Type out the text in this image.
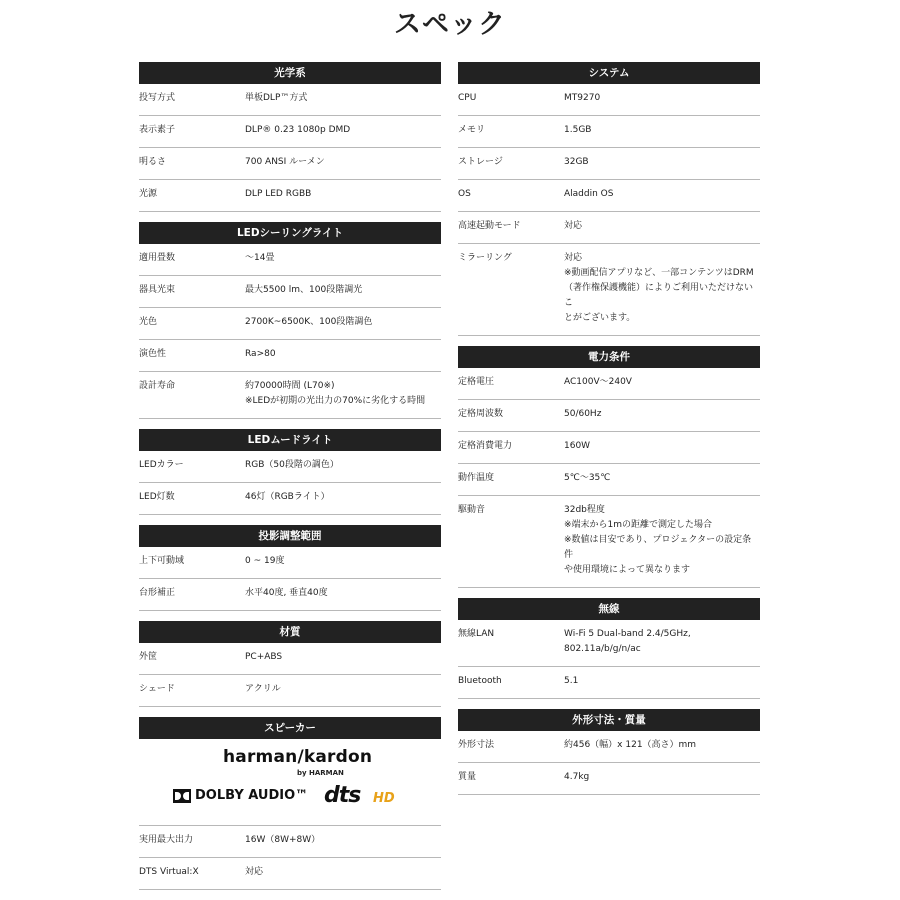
スペック
光学系
投写方式	単板DLP™方式
表示素子	DLP® 0.23 1080p DMD
明るさ	700 ANSI ルーメン
光源	DLP LED RGBB
LEDシーリングライト
適用畳数	〜14畳
器具光束	最大5500 lm、100段階調光
光色	2700K~6500K、100段階調色
演色性	Ra>80
設計寿命	約70000時間 (L70※)
※LEDが初期の光出力の70%に劣化する時間
LEDムードライト
LEDカラー	RGB（50段階の調色）
LED灯数	46灯（RGBライト）
投影調整範囲
上下可動域	0 ~ 19度
台形補正	水平40度, 垂直40度
材質
外筐	PC+ABS
シェード	アクリル
スピーカー
harman/kardon
by HARMAN
DOLBY AUDIO™ dts HD
実用最大出力	16W（8W+8W）
DTS Virtual:X	対応
システム
CPU	MT9270
メモリ	1.5GB
ストレージ	32GB
OS	Aladdin OS
高速起動モード	対応
ミラーリング	対応
※動画配信アプリなど、一部コンテンツはDRM
（著作権保護機能）によりご利用いただけないこ
とがございます。
電力条件
定格電圧	AC100V〜240V
定格周波数	50/60Hz
定格消費電力	160W
動作温度	5℃〜35℃
駆動音	32db程度
※端末から1mの距離で測定した場合
※数値は目安であり、プロジェクターの設定条件
や使用環境によって異なります
無線
無線LAN	Wi-Fi 5 Dual-band 2.4/5GHz, 802.11a/b/g/n/ac
Bluetooth	5.1
外形寸法・質量
外形寸法	約456（幅）x 121（高さ）mm
質量	4.7kg
